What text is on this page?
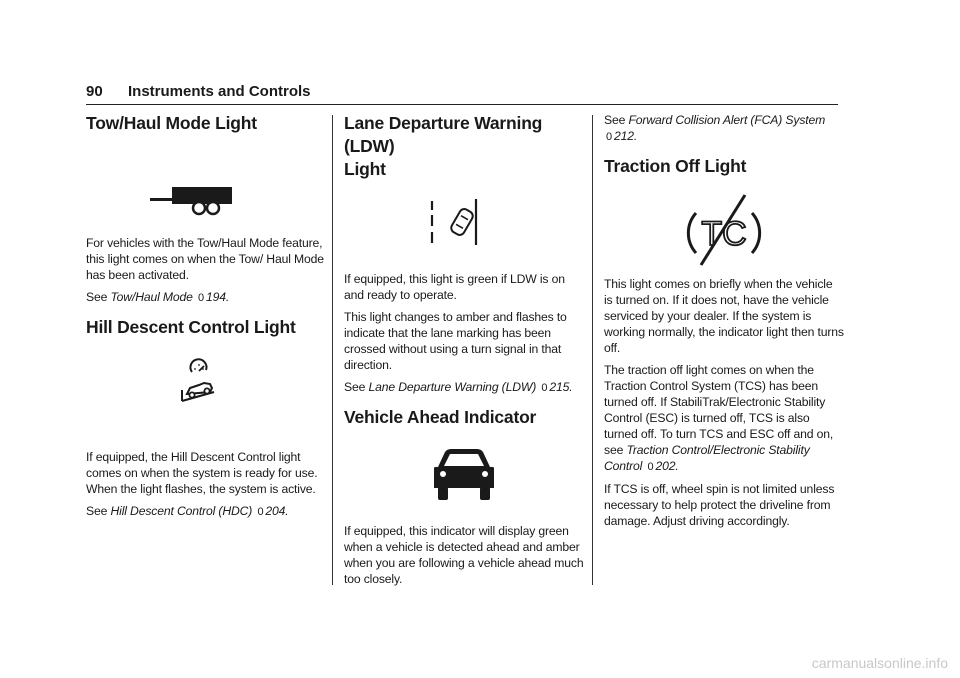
90 Instruments and Controls
Tow/Haul Mode Light

For vehicles with the Tow/Haul Mode feature, this light comes on when the Tow/ Haul Mode has been activated.

See Tow/Haul Mode 0 194.

Hill Descent Control Light

If equipped, the Hill Descent Control light comes on when the system is ready for use. When the light flashes, the system is active.

See Hill Descent Control (HDC) 0 204.

Lane Departure Warning (LDW)
Light

If equipped, this light is green if LDW is on and ready to operate.

This light changes to amber and flashes to indicate that the lane marking has been crossed without using a turn signal in that direction.

See Lane Departure Warning (LDW) 0 215.

Vehicle Ahead Indicator

If equipped, this indicator will display green when a vehicle is detected ahead and amber when you are following a vehicle ahead much too closely.

See Forward Collision Alert (FCA) System
0 212.

Traction Off Light
TC

This light comes on briefly when the vehicle is turned on. If it does not, have the vehicle serviced by your dealer. If the system is working normally, the indicator light then turns off.

The traction off light comes on when the Traction Control System (TCS) has been turned off. If StabiliTrak/Electronic Stability Control (ESC) is turned off, TCS is also turned off. To turn TCS and ESC off and on, see Traction Control/Electronic Stability Control 0 202.

If TCS is off, wheel spin is not limited unless necessary to help protect the driveline from damage. Adjust driving accordingly.

carmanualsonline.info
